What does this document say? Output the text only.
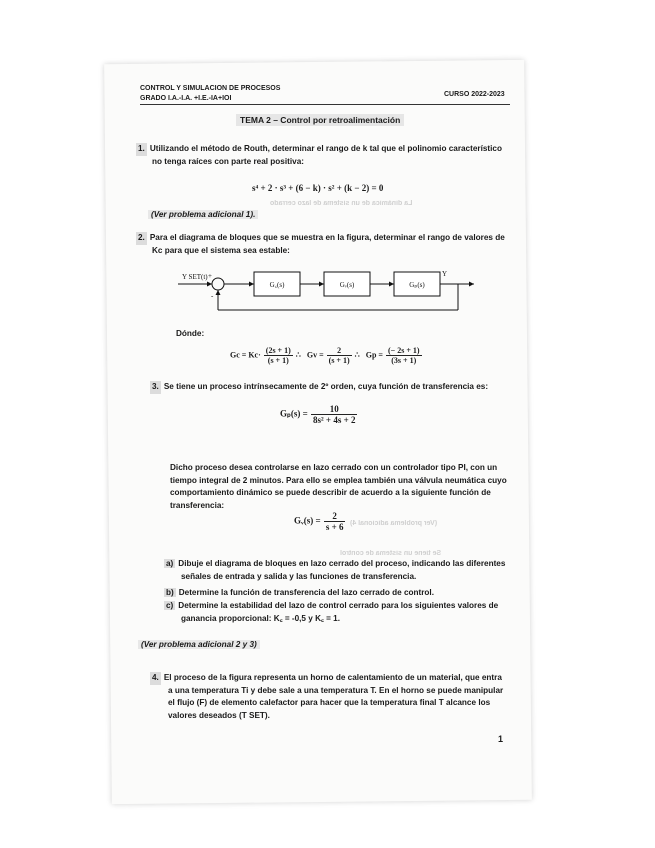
CONTROL Y SIMULACION DE PROCESOS
GRADO I.A.-I.A. +I.E.-IA+IOI
CURSO 2022-2023
TEMA 2 – Control por retroalimentación
La dinámica de un sistema de lazo cerrado
(Ver problema adicional 4)
Se tiene un sistema de control
1. Utilizando el método de Routh, determinar el rango de k tal que el polinomio característico
no tenga raíces con parte real positiva:
s⁴ + 2 · s³ + (6 − k) · s² + (k − 2) = 0
(Ver problema adicional 1).
2. Para el diagrama de bloques que se muestra en la figura, determinar el rango de valores de
Kc para que el sistema sea estable:
Y SET(t) +
-
G꜀(s)	Gᵥ(s)	Gₚ(s)
Y
Dónde:
$Gc = Kc\cdot \frac{(2s + 1)}{(s + 1)}$ ∴ $Gv = \frac{2}{(s + 1)}$ ∴ $Gp = \frac{(- 2s + 1)}{(3s + 1)}$
3. Se tiene un proceso intrínsecamente de 2º orden, cuya función de transferencia es:
$G_p(s) = \frac{10}{\text{8s² + 4s + 2}}$
Dicho proceso desea controlarse en lazo cerrado con un controlador tipo PI, con un
tiempo integral de 2 minutos. Para ello se emplea también una válvula neumática cuyo
comportamiento dinámico se puede describir de acuerdo a la siguiente función de
transferencia:
Gᵥ(s) = $\frac{2}{s + 6}$
a) Dibuje el diagrama de bloques en lazo cerrado del proceso, indicando las diferentes
señales de entrada y salida y las funciones de transferencia.
b) Determine la función de transferencia del lazo cerrado de control.
c) Determine la estabilidad del lazo de control cerrado para los siguientes valores de
ganancia proporcional: K꜀ = -0,5 y K꜀ = 1.
(Ver problema adicional 2 y 3)
4. El proceso de la figura representa un horno de calentamiento de un material, que entra
a una temperatura Ti y debe sale a una temperatura T. En el horno se puede manipular
el flujo (F) de elemento calefactor para hacer que la temperatura final T alcance los
valores deseados (T SET).
1
